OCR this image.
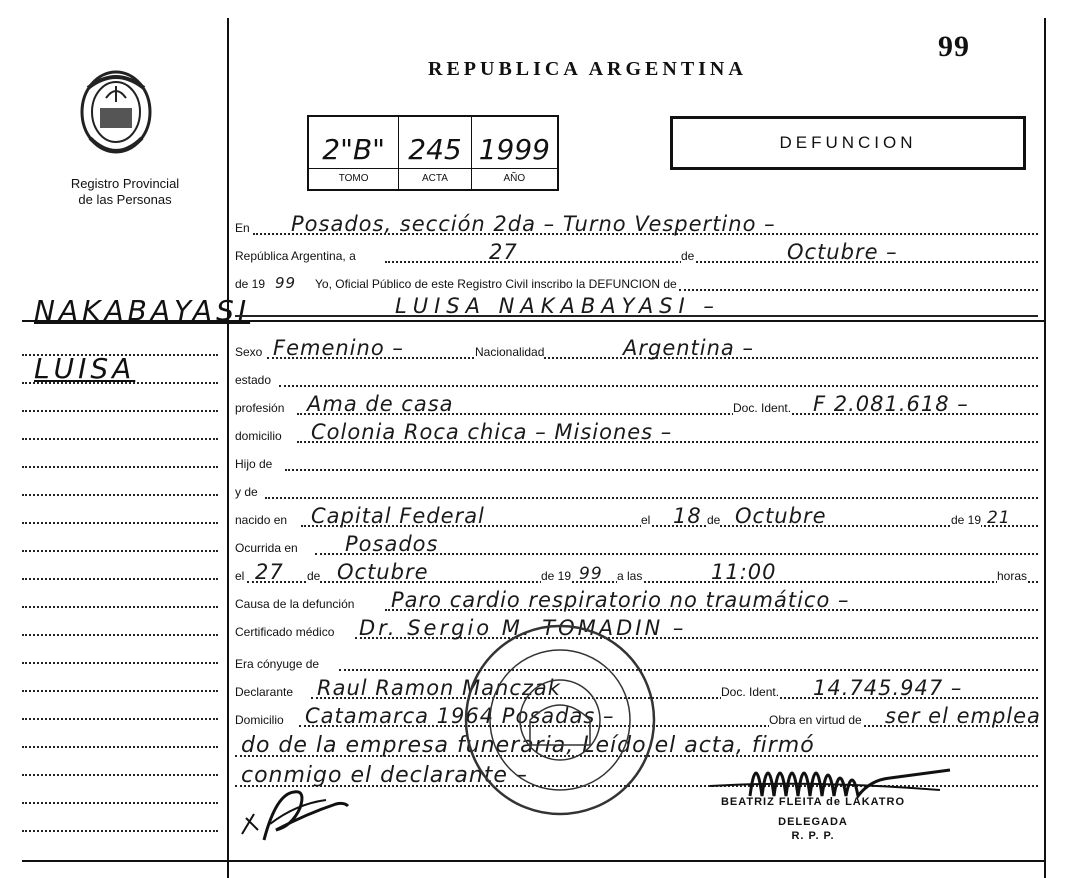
99
REPUBLICA ARGENTINA
Registro Provincial
de las Personas
2"B"
TOMO
245
ACTA
1999
AÑO
DEFUNCION
NAKABAYASI
LUISA
En Posados, sección 2da – Turno Vespertino –
República Argentina, a	27	de	Octubre –
de 19 99 Yo, Oficial Público de este Registro Civil inscribo la DEFUNCION de
LUISA NAKABAYASI –
Sexo Femenino –	Nacionalidad	Argentina –
estado
profesión Ama de casa	Doc. Ident. F 2.081.618 –
domicilio Colonia Roca chica – Misiones –
Hijo de
y de
nacido en Capital Federal	el 18 de Octubre	de 19 21
Ocurrida en Posados
el 27 de Octubre	de 19 99 a las	11:00	horas
Causa de la defunción Paro cardio respiratorio no traumático –
Certificado médico Dr. Sergio M. TOMADIN –
Era cónyuge de
Declarante Raul Ramon Manczak	Doc. Ident. 14.745.947 –
Domicilio Catamarca 1964 Posadas –	Obra en virtud de ser el emplea
do de la empresa funeraria, Leído el acta, firmó
conmigo el declarante –
BEATRIZ FLEITA de LAKATRO
DELEGADA
R. P. P.
